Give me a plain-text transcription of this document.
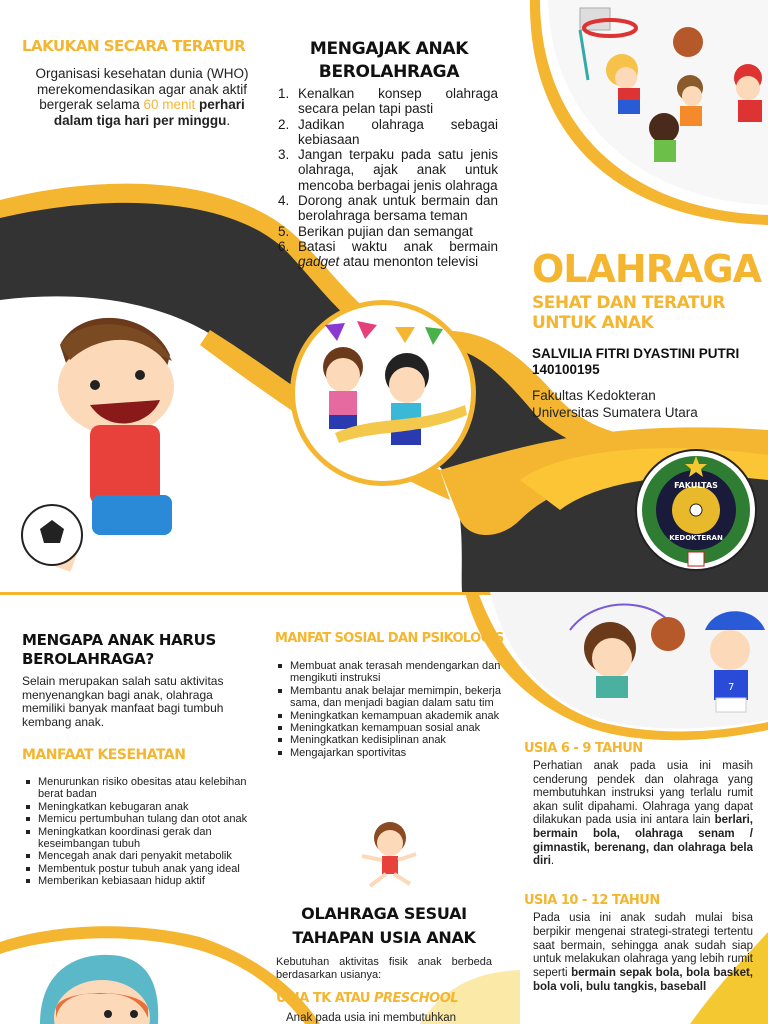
LAKUKAN SECARA TERATUR

Organisasi kesehatan dunia (WHO) merekomendasikan agar anak aktif bergerak selama 60 menit perhari dalam tiga hari per minggu.

MENGAJAK ANAK
BEROLAHRAGA
1. Kenalkan konsep olahraga secara pelan tapi pasti
2. Jadikan olahraga sebagai kebiasaan
3. Jangan terpaku pada satu jenis olahraga, ajak anak untuk mencoba berbagai jenis olahraga
4. Dorong anak untuk bermain dan berolahraga bersama teman
5. Berikan pujian dan semangat
6. Batasi waktu anak bermain gadget atau menonton televisi	OLAHRAGA
SEHAT DAN TERATUR
UNTUK ANAK
SALVILIA FITRI DYASTINI PUTRI
140100195
Fakultas Kedokteran
Universitas Sumatera Utara
FAKULTAS
KEDOKTERAN
7
MENGAPA ANAK HARUS
BEROLAHRAGA?

Selain merupakan salah satu aktivitas menyenangkan bagi anak, olahraga memiliki banyak manfaat bagi tumbuh kembang anak.

MANFAAT KESEHATAN
Menurunkan risiko obesitas atau kelebihan berat badan
Meningkatkan kebugaran anak
Memicu pertumbuhan tulang dan otot anak
Meningkatkan koordinasi gerak dan keseimbangan tubuh
Mencegah anak dari penyakit metabolik
Membentuk postur tubuh anak yang ideal
Memberikan kebiasaan hidup aktif
MANFAT SOSIAL DAN PSIKOLOGIS
Membuat anak terasah mendengarkan dan mengikuti instruksi
Membantu anak belajar memimpin, bekerja sama, dan menjadi bagian dalam satu tim
Meningkatkan kemampuan akademik anak
Meningkatkan kemampuan sosial anak
Meningkatkan kedisiplinan anak
Mengajarkan sportivitas
OLAHRAGA SESUAI
TAHAPAN USIA ANAK

Kebutuhan aktivitas fisik anak berbeda berdasarkan usianya:

USIA TK ATAU PRESCHOOL

Anak pada usia ini membutuhkan

USIA 6 - 9 TAHUN

Perhatian anak pada usia ini masih cenderung pendek dan olahraga yang membutuhkan instruksi yang terlalu rumit akan sulit dipahami. Olahraga yang dapat dilakukan pada usia ini antara lain berlari, bermain bola, olahraga senam / gimnastik, berenang, dan olahraga bela diri.

USIA 10 - 12 TAHUN

Pada usia ini anak sudah mulai bisa berpikir mengenai strategi-strategi tertentu saat bermain, sehingga anak sudah siap untuk melakukan olahraga yang lebih rumit seperti bermain sepak bola, bola basket, bola voli, bulu tangkis, baseball
